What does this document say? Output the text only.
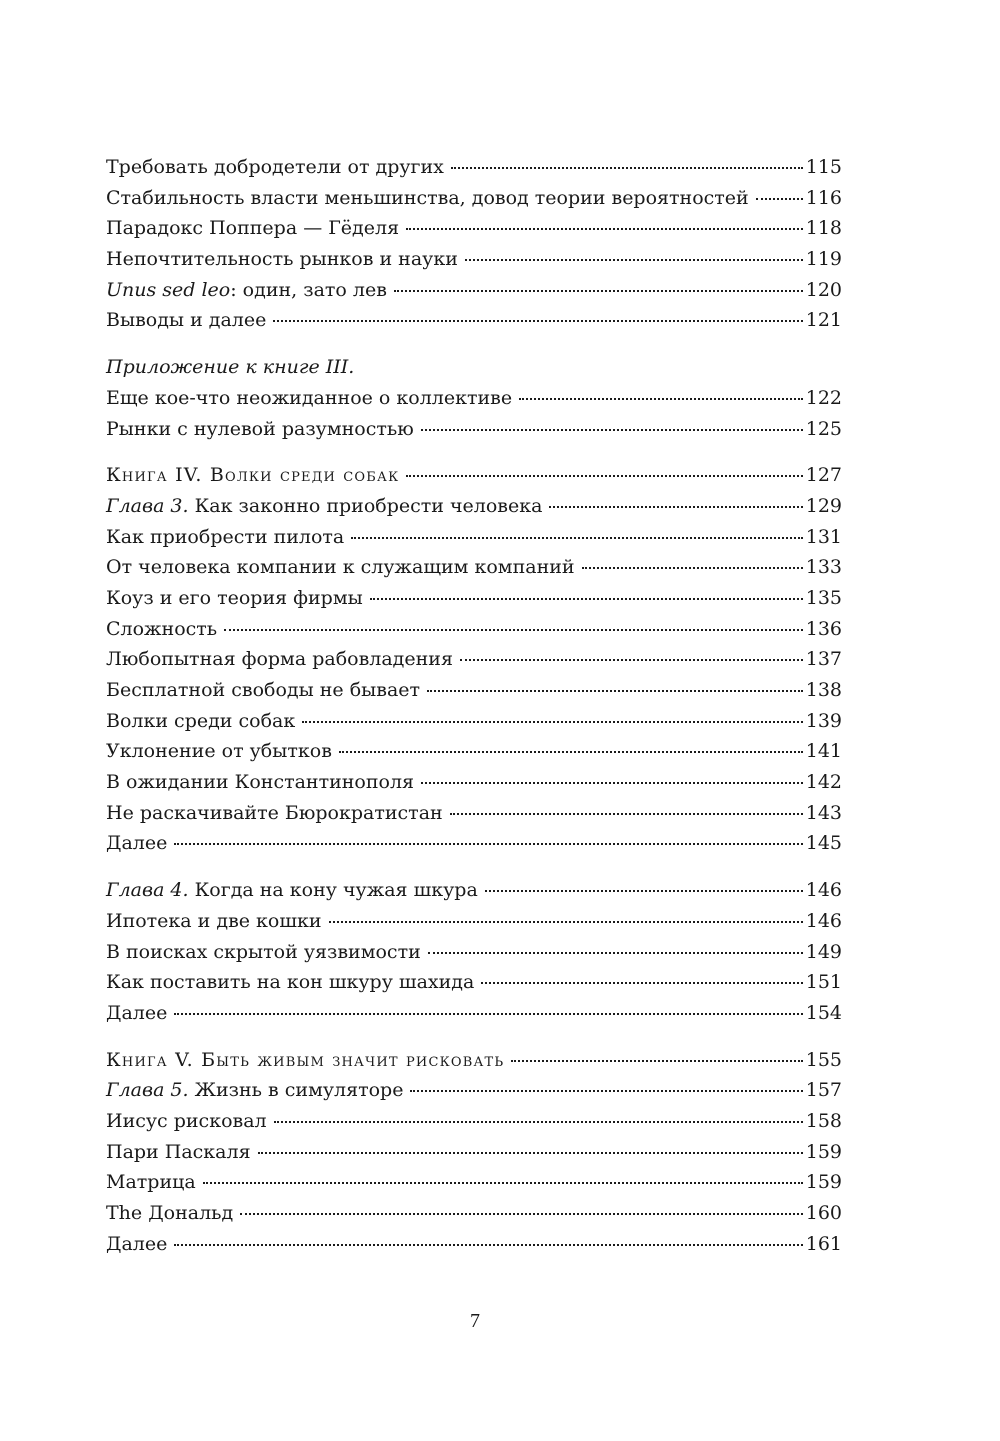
Требовать добродетели от других	115
Стабильность власти меньшинства, довод теории вероятностей	116
Парадокс Поппера — Гёделя	118
Непочтительность рынков и науки	119
Unus sed leo: один, зато лев	120
Выводы и далее	121
Приложение к книге III.
Еще кое-что неожиданное о коллективе	122
Рынки с нулевой разумностью	125
Книга IV. Волки среди собак	127
Глава 3. Как законно приобрести человека	129
Как приобрести пилота	131
От человека компании к служащим компаний	133
Коуз и его теория фирмы	135
Сложность	136
Любопытная форма рабовладения	137
Бесплатной свободы не бывает	138
Волки среди собак	139
Уклонение от убытков	141
В ожидании Константинополя	142
Не раскачивайте Бюрократистан	143
Далее	145
Глава 4. Когда на кону чужая шкура	146
Ипотека и две кошки	146
В поисках скрытой уязвимости	149
Как поставить на кон шкуру шахида	151
Далее	154
Книга V. Быть живым значит рисковать	155
Глава 5. Жизнь в симуляторе	157
Иисус рисковал	158
Пари Паскаля	159
Матрица	159
The Дональд	160
Далее	161
7
